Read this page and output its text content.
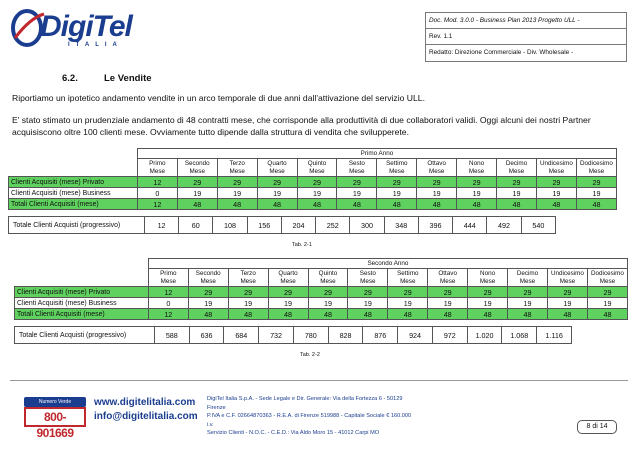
DigiTel
ITALIA
Doc. Mod. 3.0.0 - Business Plan 2013 Progetto ULL -
Rev. 1.1
Redatto: Direzione Commerciale - Div. Wholesale -
6.2.	Le Vendite
Riportiamo un ipotetico andamento vendite in un arco temporale di due anni dall'attivazione del servizio ULL.
E' stato stimato un prudenziale andamento di 48 contratti mese, che corrisponde alla produttività di due collaboratori validi. Oggi alcuni dei nostri Partner acquisiscono oltre 100 clienti mese. Ovviamente tutto dipende dalla struttura di vendita che svilupperete.
	Primo Anno											
	Primo
Mese	Secondo
Mese	Terzo
Mese	Quarto
Mese	Quinto
Mese	Sesto
Mese	Settimo
Mese	Ottavo
Mese	Nono
Mese	Decimo
Mese	Undicesimo
Mese	Dodicesimo
Mese
Clienti Acquisiti (mese) Privato	12	29	29	29	29	29	29	29	29	29	29	29
Clienti Acquisiti (mese) Business	0	19	19	19	19	19	19	19	19	19	19	19
Totali Clienti Acquisiti (mese)	12	48	48	48	48	48	48	48	48	48	48	48
Totale Clienti Acquisti (progressivo)	12	60	108	156	204	252	300	348	396	444	492	540
Tab. 2-1
	Secondo Anno											
	Primo
Mese	Secondo
Mese	Terzo
Mese	Quarto
Mese	Quinto
Mese	Sesto
Mese	Settimo
Mese	Ottavo
Mese	Nono
Mese	Decimo
Mese	Undicesimo
Mese	Dodicesimo
Mese
Clienti Acquisiti (mese) Privato	12	29	29	29	29	29	29	29	29	29	29	29
Clienti Acquisiti (mese) Business	0	19	19	19	19	19	19	19	19	19	19	19
Totali Clienti Acquisiti (mese)	12	48	48	48	48	48	48	48	48	48	48	48
Totale Clienti Acquisti (progressivo)	588	636	684	732	780	828	876	924	972	1.020	1.068	1.116
Tab. 2-2
Numero Verde
800-901669
www.digitelitalia.com
info@digitelitalia.com
DigiTel Italia S.p.A. - Sede Legale e Dir. Generale: Via della Fortezza 6 - 50129 Firenze
P.IVA e C.F. 02664870363 - R.E.A. di Firenze 519988 - Capitale Sociale € 160.000 i.v.
Servizio Clienti - N.O.C. - C.E.D.: Via Aldo Moro 15 - 41012 Carpi MO
8 di 14
